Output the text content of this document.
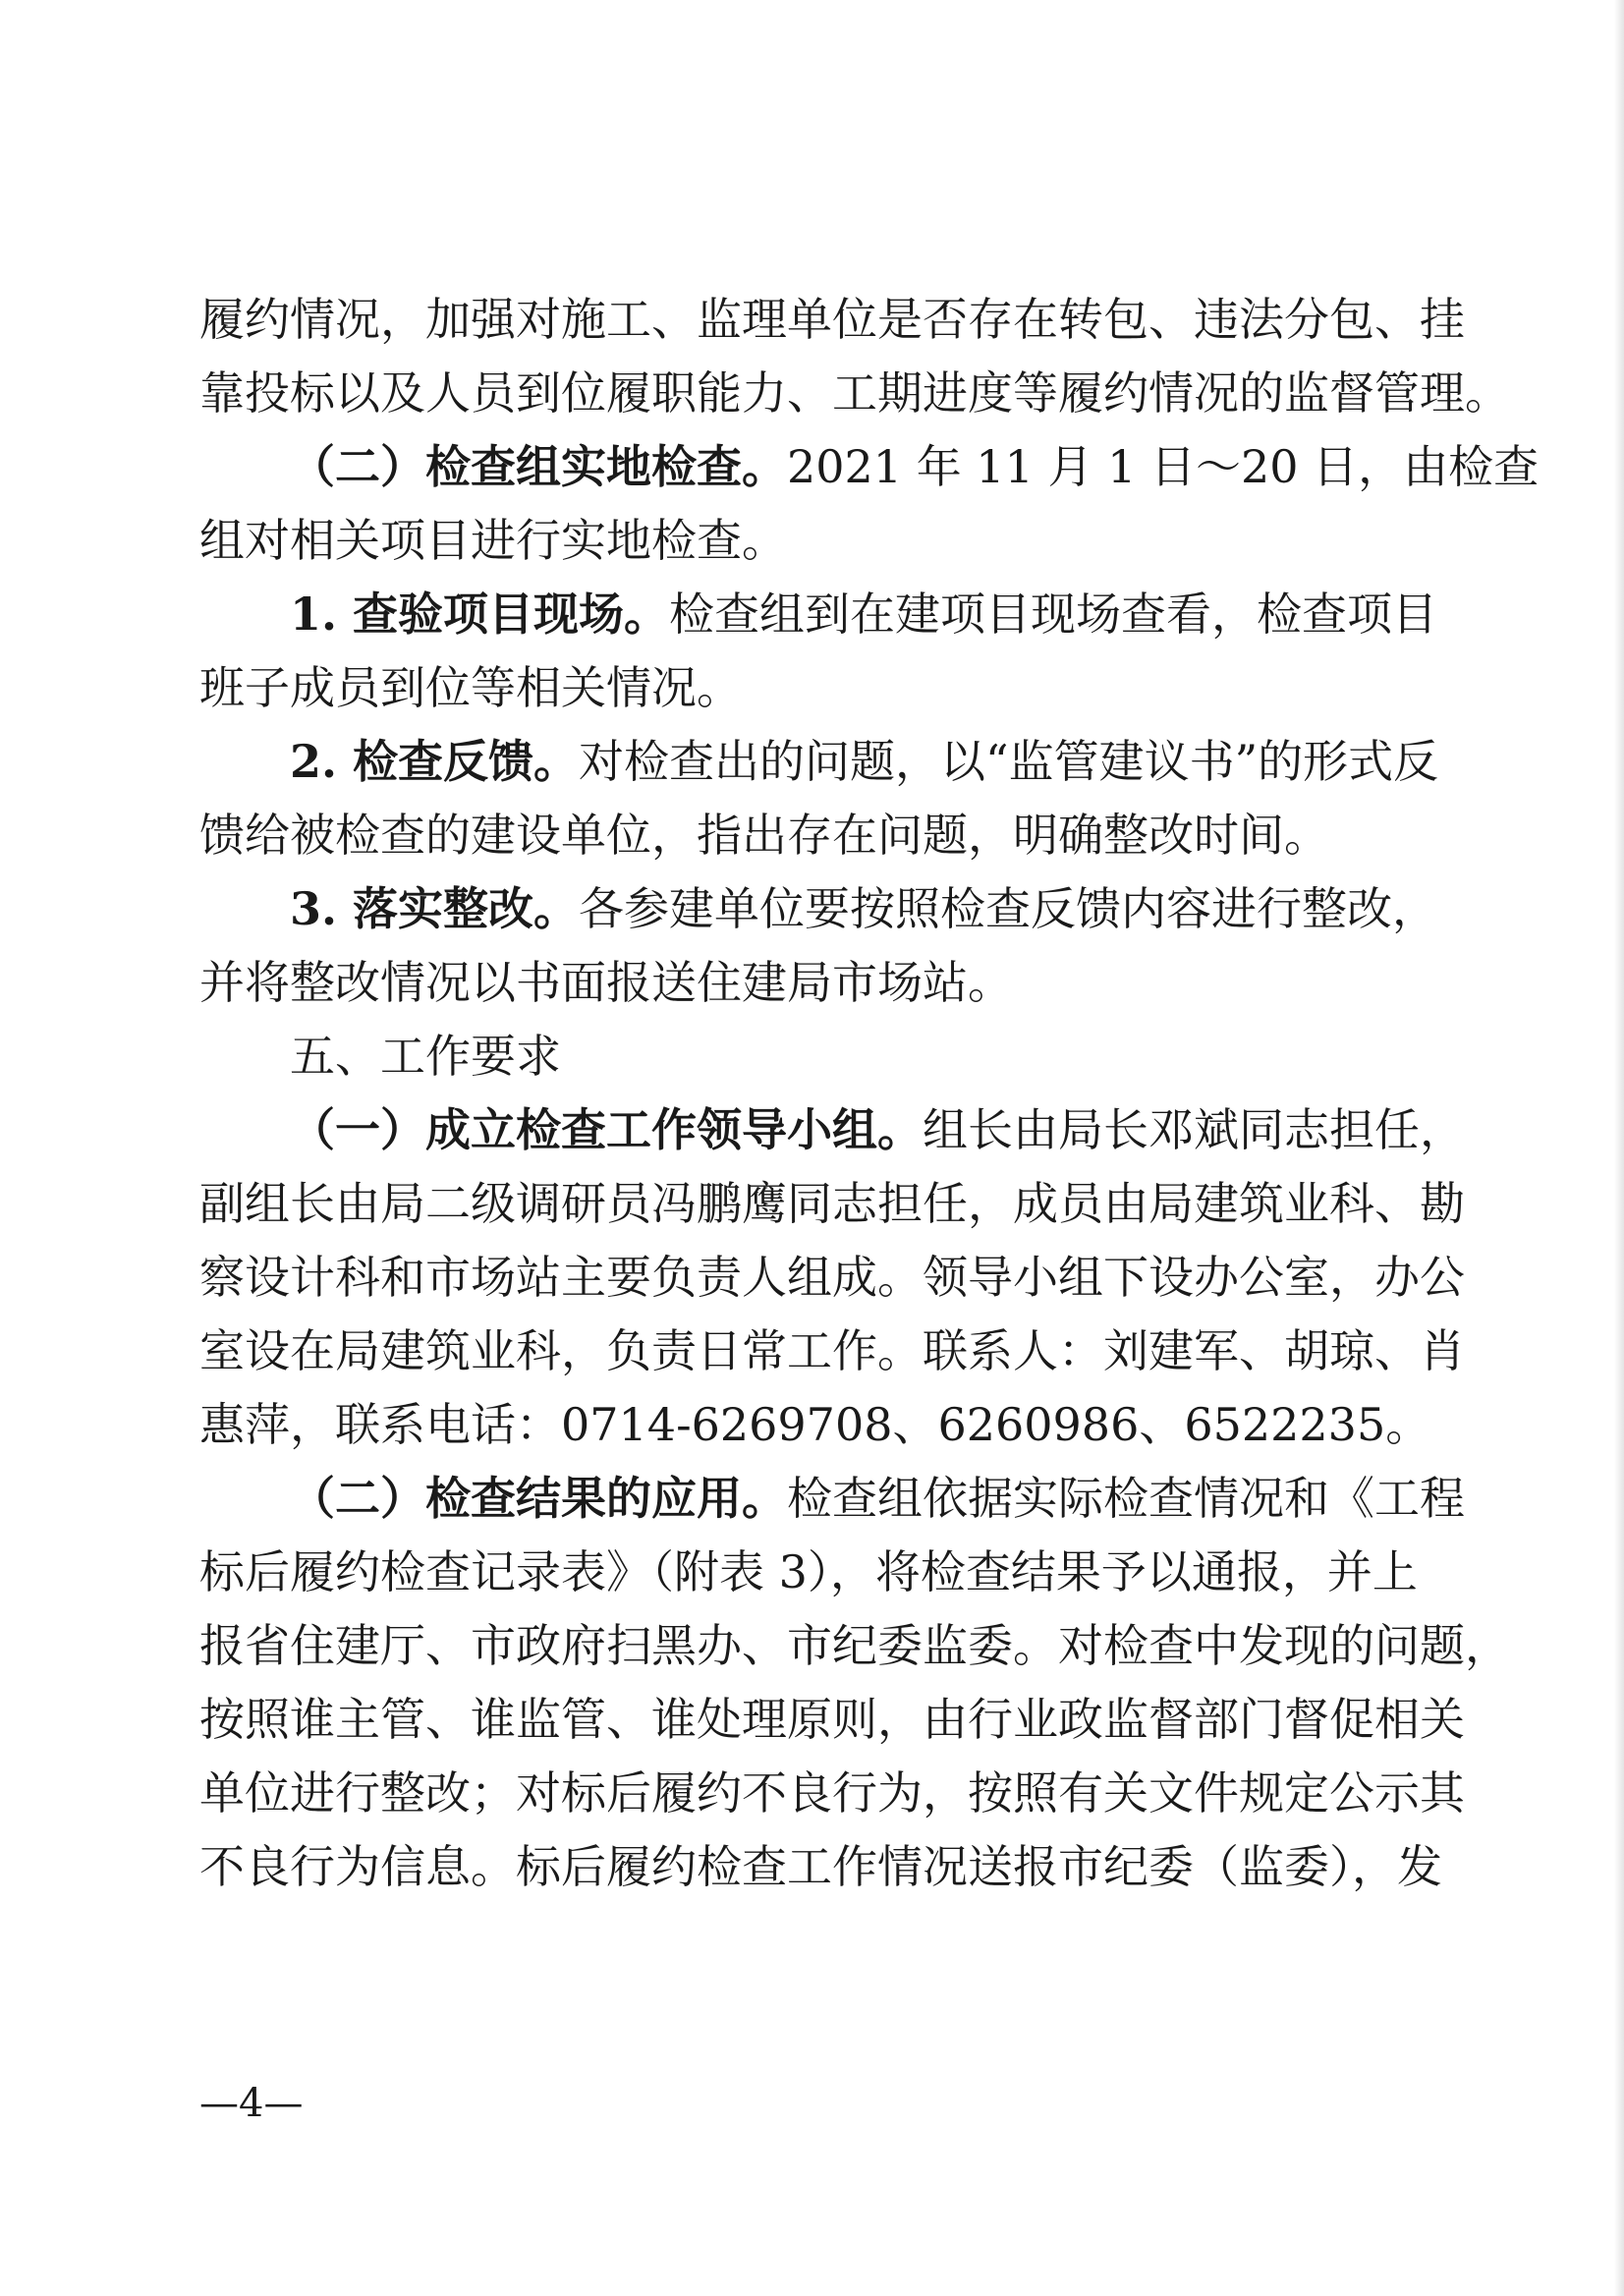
履约情况，加强对施工、监理单位是否存在转包、违法分包、挂
靠投标以及人员到位履职能力、工期进度等履约情况的监督管理。
（二）检查组实地检查。2021 年 11 月 1 日～20 日，由检查
组对相关项目进行实地检查。
1. 查验项目现场。检查组到在建项目现场查看，检查项目
班子成员到位等相关情况。
2. 检查反馈。对检查出的问题，以“监管建议书”的形式反
馈给被检查的建设单位，指出存在问题，明确整改时间。
3. 落实整改。各参建单位要按照检查反馈内容进行整改，
并将整改情况以书面报送住建局市场站。
五、工作要求
（一）成立检查工作领导小组。组长由局长邓斌同志担任，
副组长由局二级调研员冯鹏鹰同志担任，成员由局建筑业科、勘
察设计科和市场站主要负责人组成。领导小组下设办公室，办公
室设在局建筑业科，负责日常工作。联系人：刘建军、胡琼、肖
惠萍，联系电话：0714-6269708、6260986、6522235。
（二）检查结果的应用。检查组依据实际检查情况和《工程
标后履约检查记录表》（附表 3），将检查结果予以通报，并上
报省住建厅、市政府扫黑办、市纪委监委。对检查中发现的问题，
按照谁主管、谁监管、谁处理原则，由行业政监督部门督促相关
单位进行整改；对标后履约不良行为，按照有关文件规定公示其
不良行为信息。标后履约检查工作情况送报市纪委（监委），发
—4—
